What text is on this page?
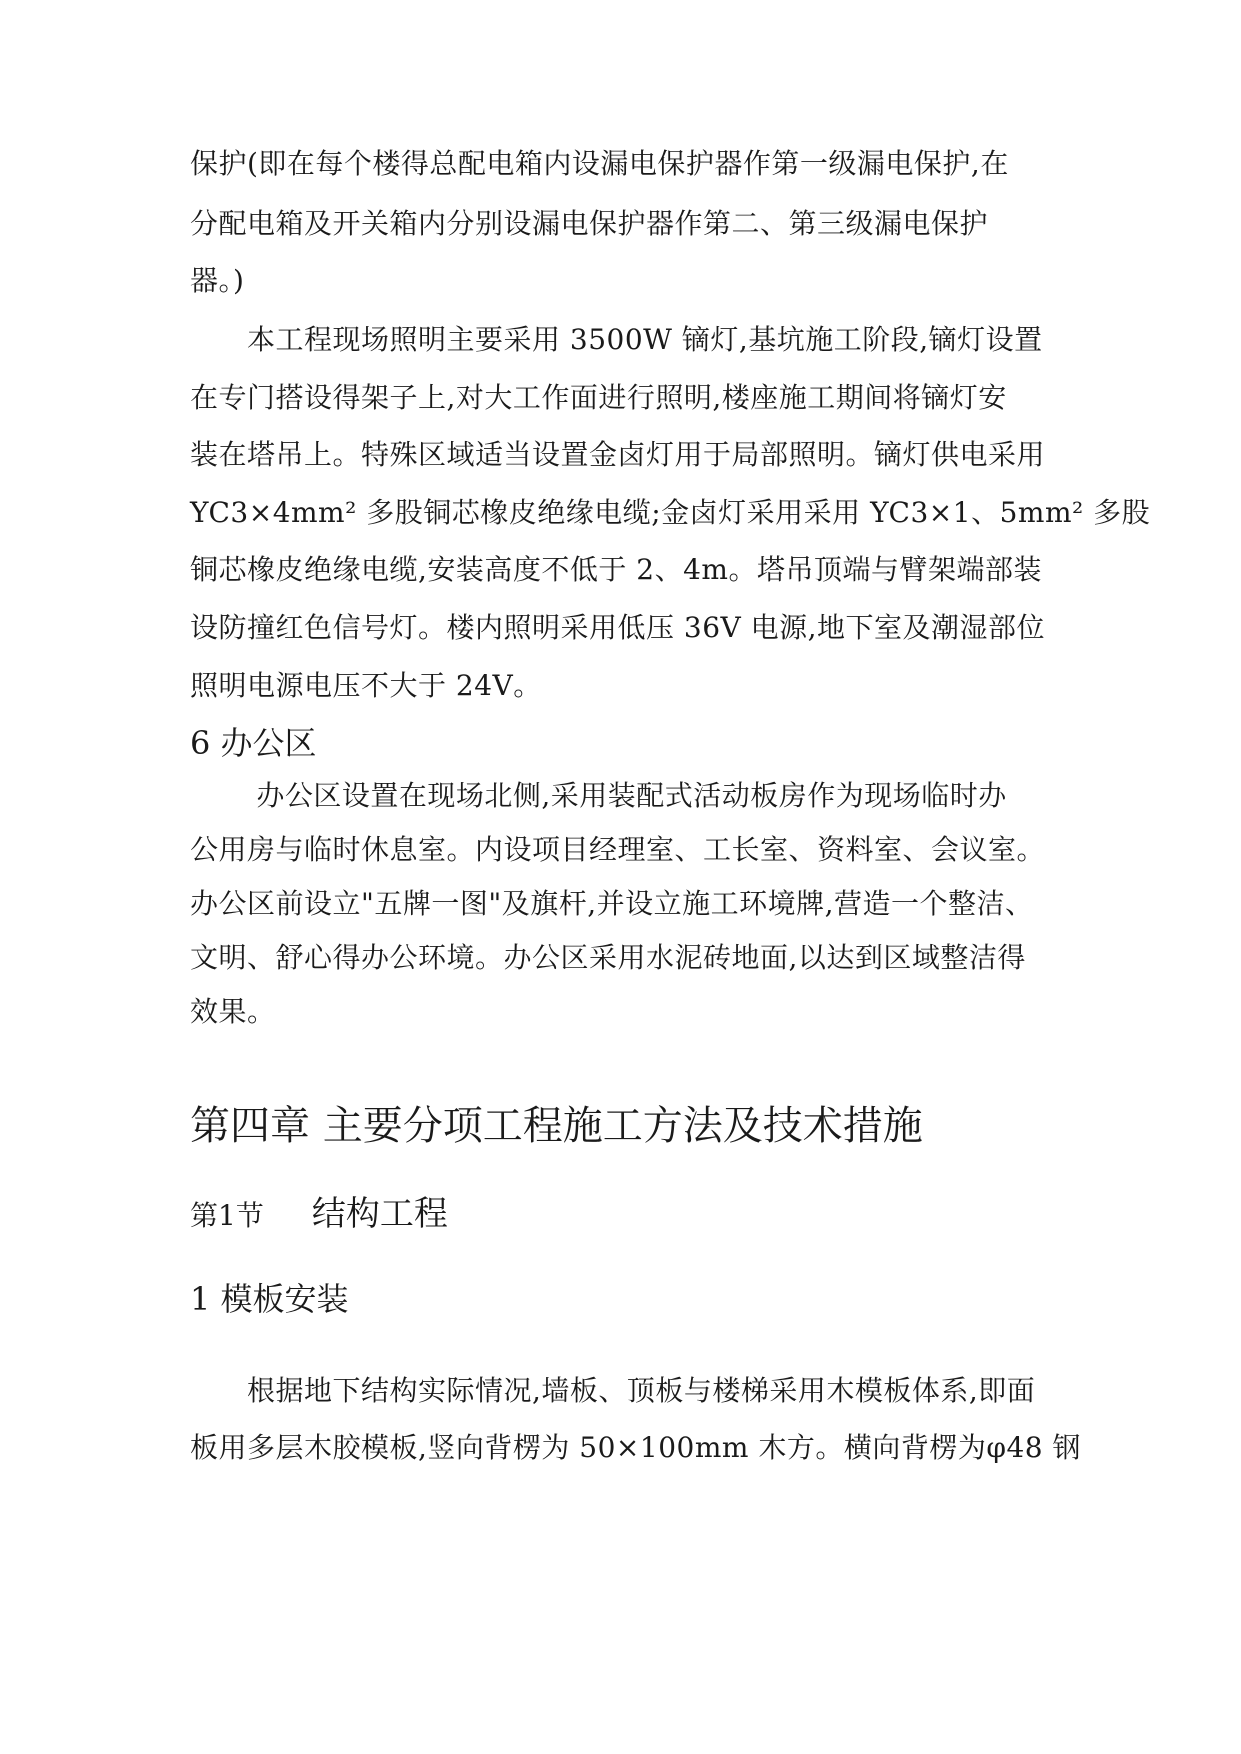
保护(即在每个楼得总配电箱内设漏电保护器作第一级漏电保护,在
分配电箱及开关箱内分别设漏电保护器作第二、第三级漏电保护
器。)
　　本工程现场照明主要采用 3500W 镝灯,基坑施工阶段,镝灯设置
在专门搭设得架子上,对大工作面进行照明,楼座施工期间将镝灯安
装在塔吊上。特殊区域适当设置金卤灯用于局部照明。镝灯供电采用
YC3×4mm² 多股铜芯橡皮绝缘电缆;金卤灯采用采用 YC3×1、5mm² 多股
铜芯橡皮绝缘电缆,安装高度不低于 2、4m。塔吊顶端与臂架端部装
设防撞红色信号灯。楼内照明采用低压 36V 电源,地下室及潮湿部位
照明电源电压不大于 24V。
6 办公区
　　 办公区设置在现场北侧,采用装配式活动板房作为现场临时办
公用房与临时休息室。内设项目经理室、工长室、资料室、会议室。
办公区前设立"五牌一图"及旗杆,并设立施工环境牌,营造一个整洁、
文明、舒心得办公环境。办公区采用水泥砖地面,以达到区域整洁得
效果。
第四章 主要分项工程施工方法及技术措施
第1节 结构工程
1 模板安装
　　根据地下结构实际情况,墙板、顶板与楼梯采用木模板体系,即面
板用多层木胶模板,竖向背楞为 50×100mm 木方。横向背楞为φ48 钢
